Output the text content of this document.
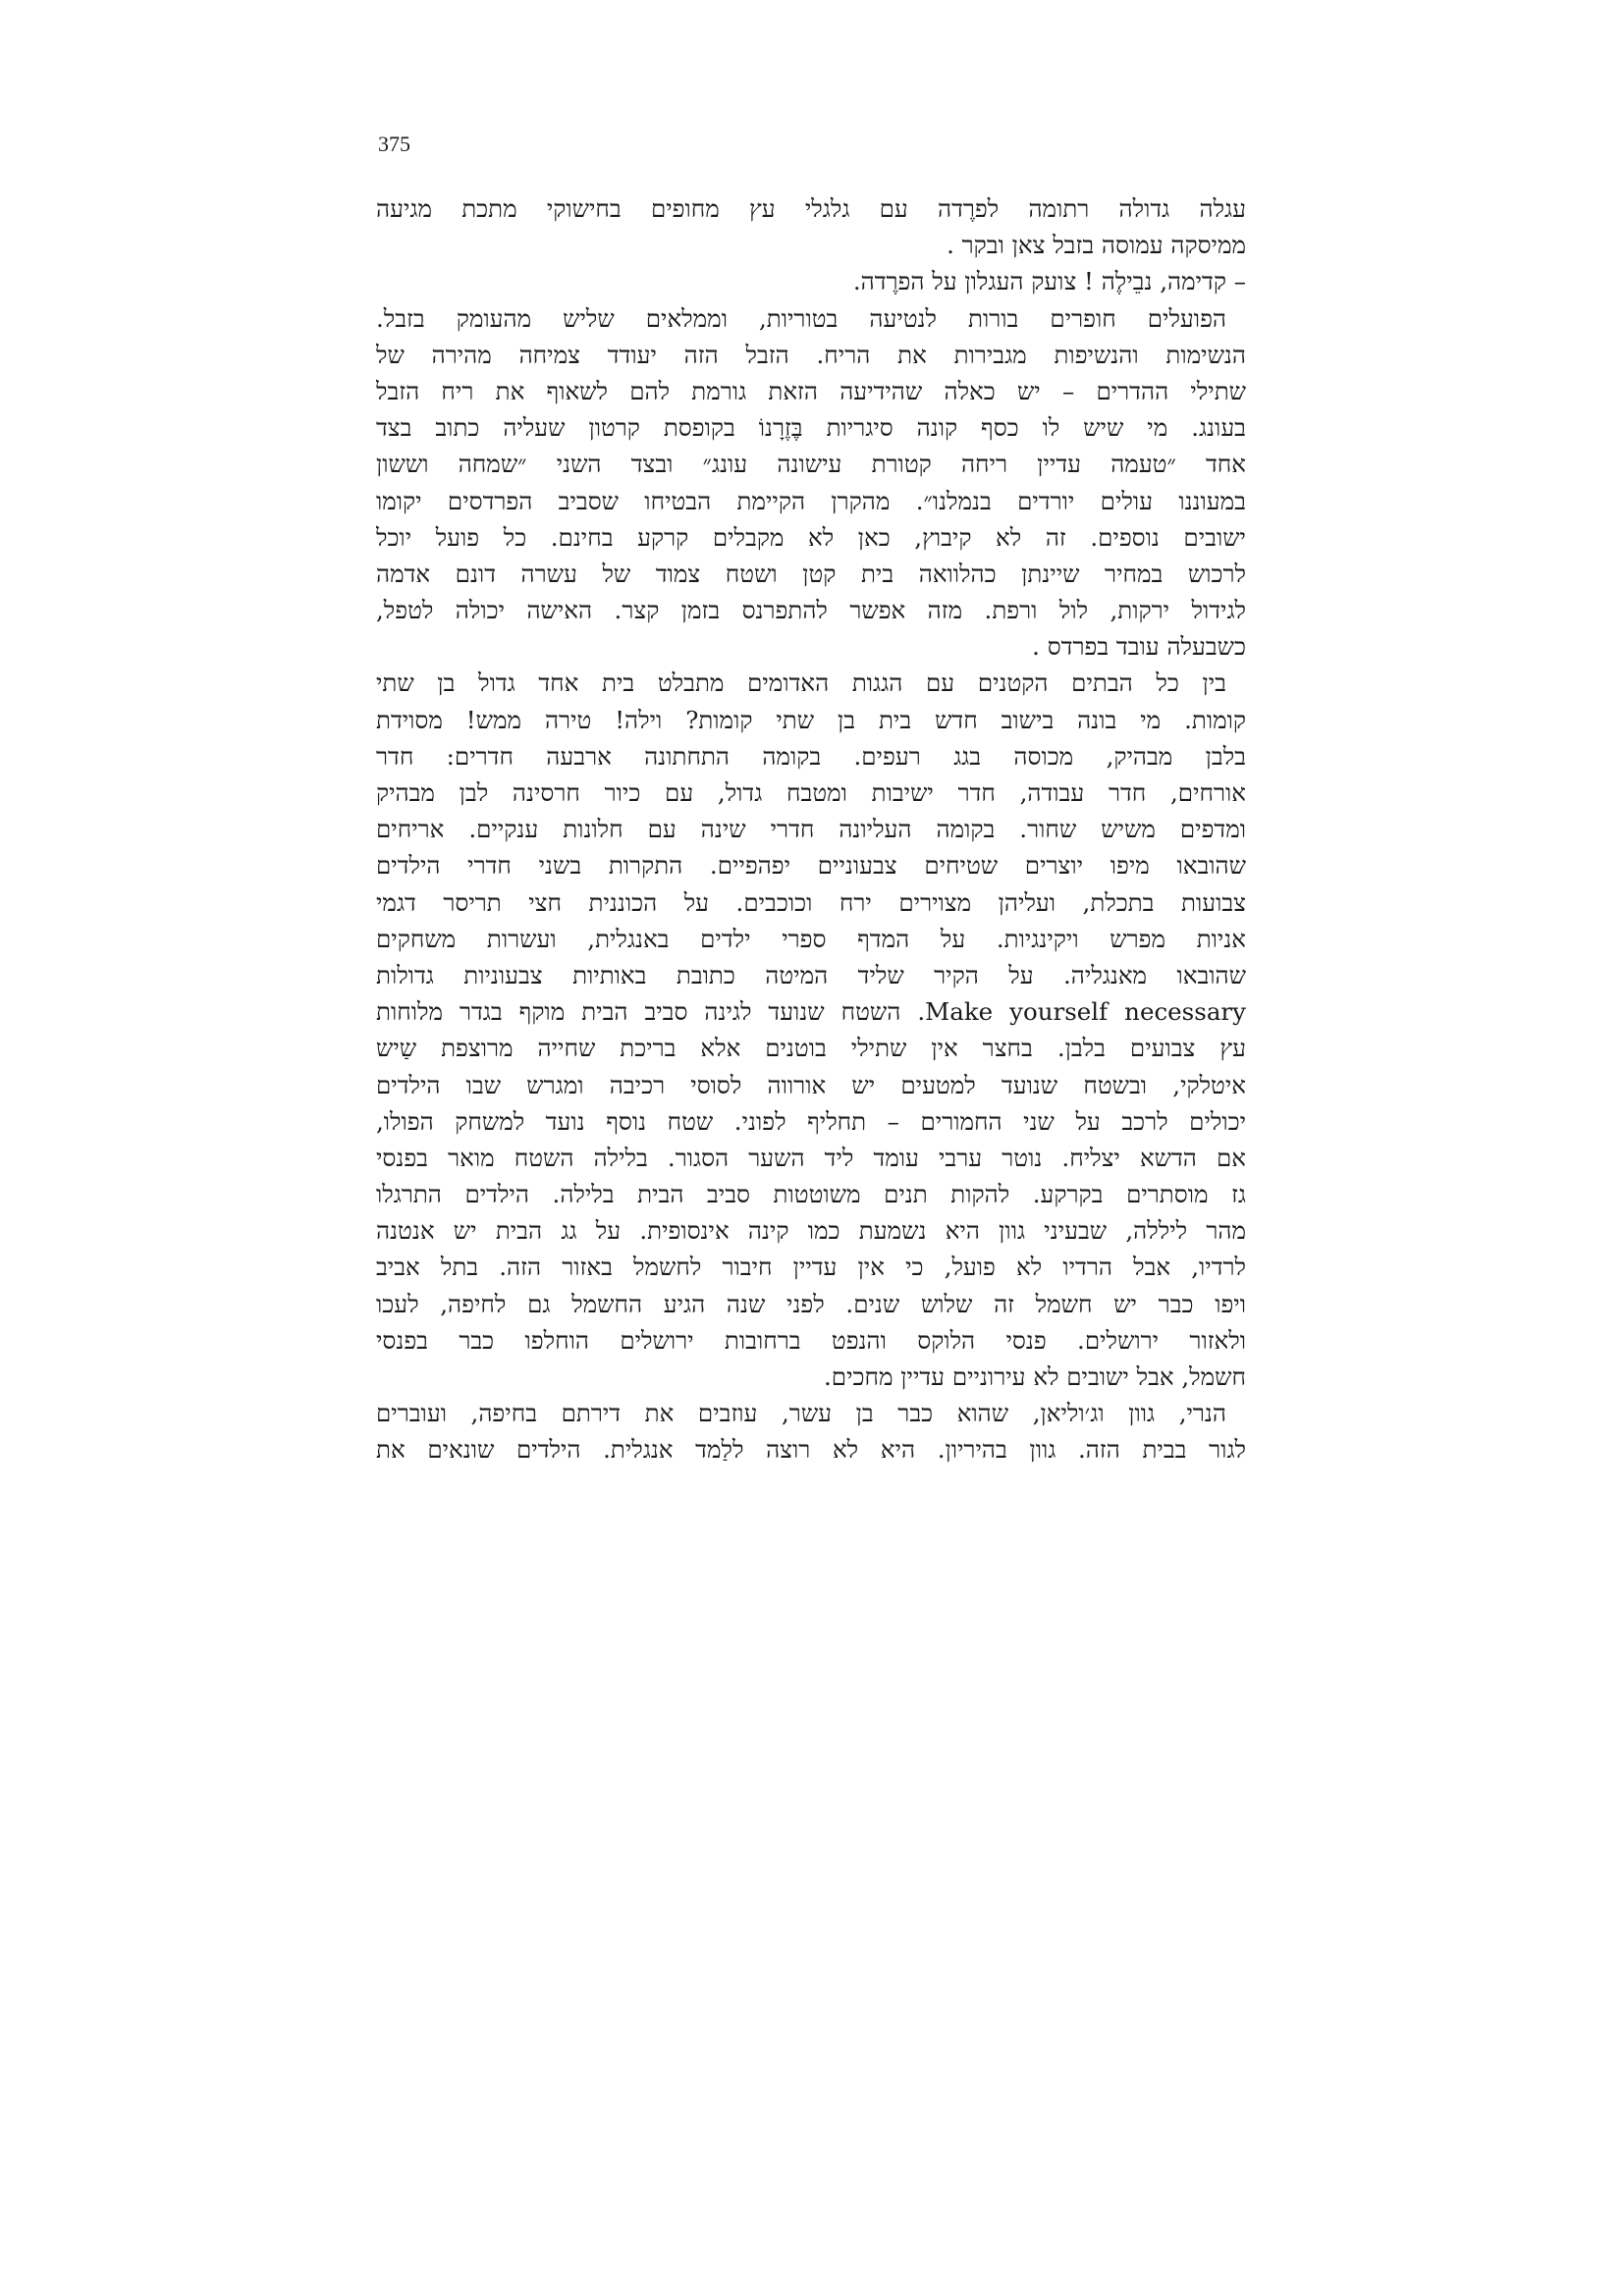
375
עגלה גדולה רתומה לפרֶדה עם גלגלי עץ מחופים בחישוקי מתכת מגיעה
ממיסקה עמוסה בזבל צאן ובקר .
– קדימה, נבֵילֶה ! צועק העגלון על הפרֶדה.
הפועלים חופרים בורות לנטיעה בטוריות, וממלאים שליש מהעומק בזבל.
הנשימות והנשיפות מגבירות את הריח. הזבל הזה יעודד צמיחה מהירה של
שתילי ההדרים – יש כאלה שהידיעה הזאת גורמת להם לשאוף את ריח הזבל
בעונג. מי שיש לו כסף קונה סיגריות בֶּזֶרָנוֹ בקופסת קרטון שעליה כתוב בצד
אחד ״טעמה עדיין ריחה קטורת עישונה עונג״ ובצד השני ״שמחה וששון
במעוננו עולים יורדים בנמלנו״. מהקרן הקיימת הבטיחו שסביב הפרדסים יקומו
ישובים נוספים. זה לא קיבוץ, כאן לא מקבלים קרקע בחינם. כל פועל יוכל
לרכוש במחיר שיינתן כהלוואה בית קטן ושטח צמוד של עשרה דונם אדמה
לגידול ירקות, לול ורפת. מזה אפשר להתפרנס בזמן קצר. האישה יכולה לטפל,
כשבעלה עובד בפרדס .
בין כל הבתים הקטנים עם הגגות האדומים מתבלט בית אחד גדול בן שתי
קומות. מי בונה בישוב חדש בית בן שתי קומות? וילה! טירה ממש! מסוידת
בלבן מבהיק, מכוסה בגג רעפים. בקומה התחתונה ארבעה חדרים: חדר
אורחים, חדר עבודה, חדר ישיבות ומטבח גדול, עם כיור חרסינה לבן מבהיק
ומדפים משיש שחור. בקומה העליונה חדרי שינה עם חלונות ענקיים. אריחים
שהובאו מיפו יוצרים שטיחים צבעוניים יפהפיים. התקרות בשני חדרי הילדים
צבועות בתכלת, ועליהן מצוירים ירח וכוכבים. על הכוננית חצי תריסר דגמי
אניות מפרש ויקינגיות. על המדף ספרי ילדים באנגלית, ועשרות משחקים
שהובאו מאנגליה. על הקיר שליד המיטה כתובת באותיות צבעוניות גדולות
Make yourself necessary. השטח שנועד לגינה סביב הבית מוקף בגדר מלוחות
עץ צבועים בלבן. בחצר אין שתילי בוטנים אלא בריכת שחייה מרוצפת שַיש
איטלקי, ובשטח שנועד למטעים יש אורווה לסוסי רכיבה ומגרש שבו הילדים
יכולים לרכב על שני החמורים – תחליף לפוני. שטח נוסף נועד למשחק הפולו,
אם הדשא יצליח. נוטר ערבי עומד ליד השער הסגור. בלילה השטח מואר בפנסי
גז מוסתרים בקרקע. להקות תנים משוטטות סביב הבית בלילה. הילדים התרגלו
מהר ליללה, שבעיני גוון היא נשמעת כמו קינה אינסופית. על גג הבית יש אנטנה
לרדיו, אבל הרדיו לא פועל, כי אין עדיין חיבור לחשמל באזור הזה. בתל אביב
ויפו כבר יש חשמל זה שלוש שנים. לפני שנה הגיע החשמל גם לחיפה, לעכו
ולאזור ירושלים. פנסי הלוקס והנפט ברחובות ירושלים הוחלפו כבר בפנסי
חשמל, אבל ישובים לא עירוניים עדיין מחכים.
הנרי, גוון וג׳וליאן, שהוא כבר בן עשר, עוזבים את דירתם בחיפה, ועוברים
לגור בבית הזה. גוון בהיריון. היא לא רוצה ללַמד אנגלית. הילדים שונאים את
